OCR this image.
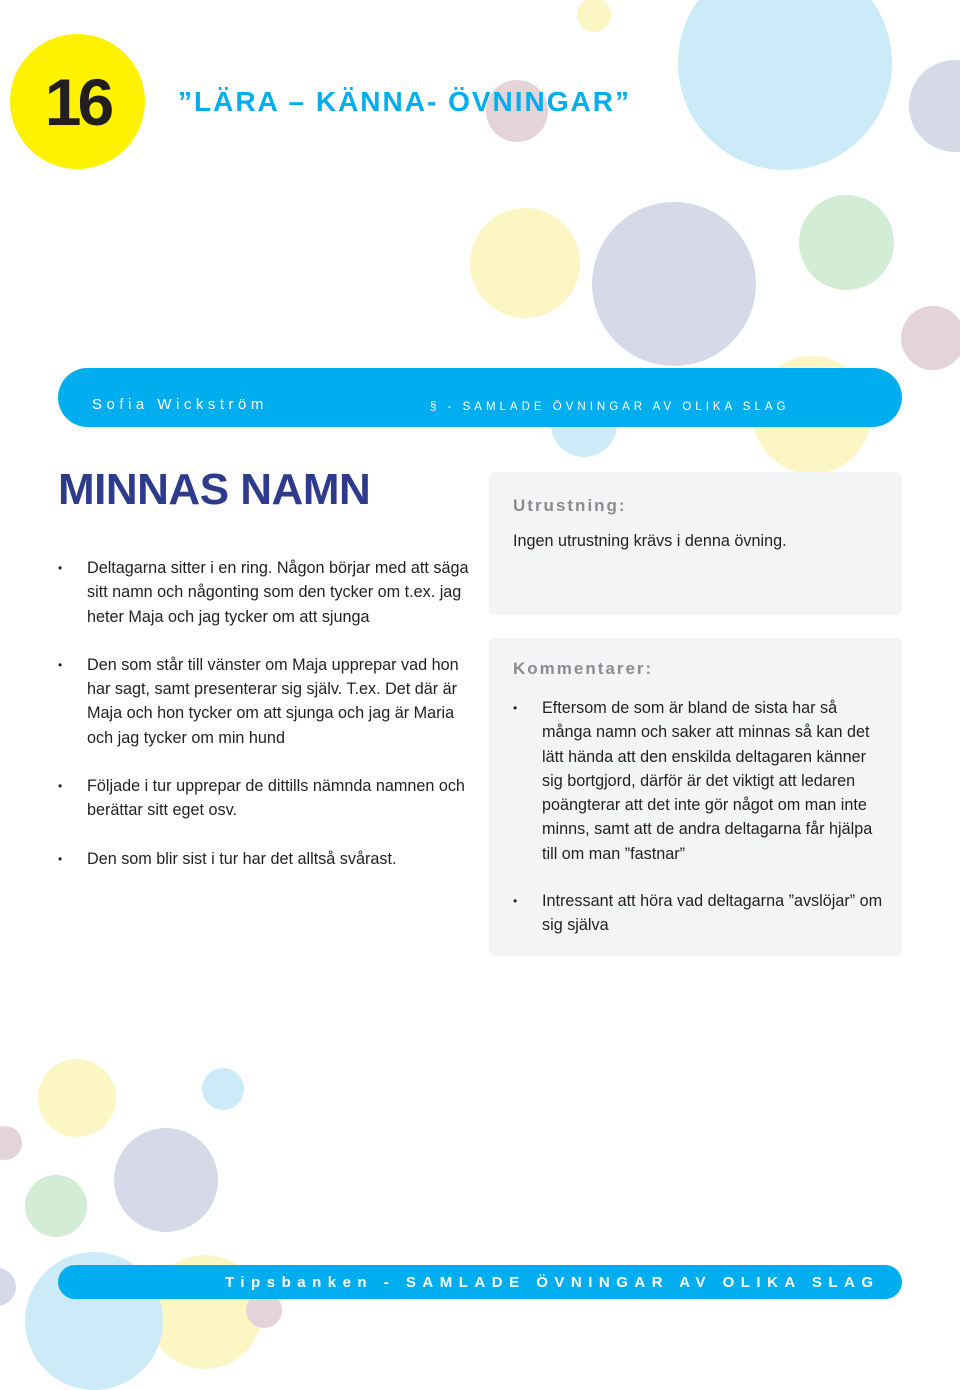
16 ”LÄRA – KÄNNA- ÖVNINGAR”
Sofia Wickström	§ - SAMLADE ÖVNINGAR AV OLIKA SLAG
MINNAS NAMN
• Deltagarna sitter i en ring. Någon börjar med att säga sitt namn och någonting som den tycker om t.ex. jag heter Maja och jag tycker om att sjunga
• Den som står till vänster om Maja upprepar vad hon har sagt, samt presenterar sig själv. T.ex. Det där är Maja och hon tycker om att sjunga och jag är Maria och jag tycker om min hund
• Följade i tur upprepar de dittills nämnda namnen och berättar sitt eget osv.
• Den som blir sist i tur har det alltså svårast.
Utrustning:
Ingen utrustning krävs i denna övning.
Kommentarer:
• Eftersom de som är bland de sista har så många namn och saker att minnas så kan det lätt hända att den enskilda deltagaren känner sig bortgjord, därför är det viktigt att ledaren poängterar att det inte gör något om man inte minns, samt att de andra deltagarna får hjälpa till om man ”fastnar”
• Intressant att höra vad deltagarna ”avslöjar” om sig själva
Tipsbanken - SAMLADE ÖVNINGAR AV OLIKA SLAG
